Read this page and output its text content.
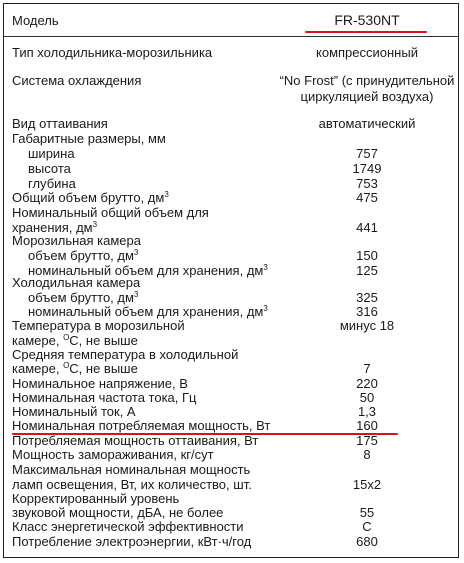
Модель	FR-530NT
Тип холодильника-морозильника	компрессионный
Система охлаждения	“No Frost” (с принудительной
циркуляцией воздуха)
Вид оттаивания	автоматический
Габаритные размеры, мм
ширина	757
высота	1749
глубина	753
Общий объем брутто, $дм^3$	475
Номинальный общий объем для
хранения, $дм^3$	441
Морозильная камера
объем брутто, $дм^3$	150
номинальный объем для хранения, $дм^3$	125
Холодильная камера
объем брутто, $дм^3$	325
номинальный объем для хранения, $дм^3$	316
Температура в морозильной	минус 18
камере, $^O$С, не выше
Средняя температура в холодильной
камере, $^O$С, не выше	7
Номинальное напряжение, В	220
Номинальная частота тока, Гц	50
Номинальный ток, А	1,3
Номинальная потребляемая мощность, Вт	160
Потребляемая мощность оттаивания, Вт	175
Мощность замораживания, кг/сут	8
Максимальная номинальная мощность
ламп освещения, Вт, их количество, шт.	15x2
Корректированный уровень
звуковой мощности, дБА, не более	55
Класс энергетической эффективности	C
Потребление электроэнергии, кВт·ч/год	680
